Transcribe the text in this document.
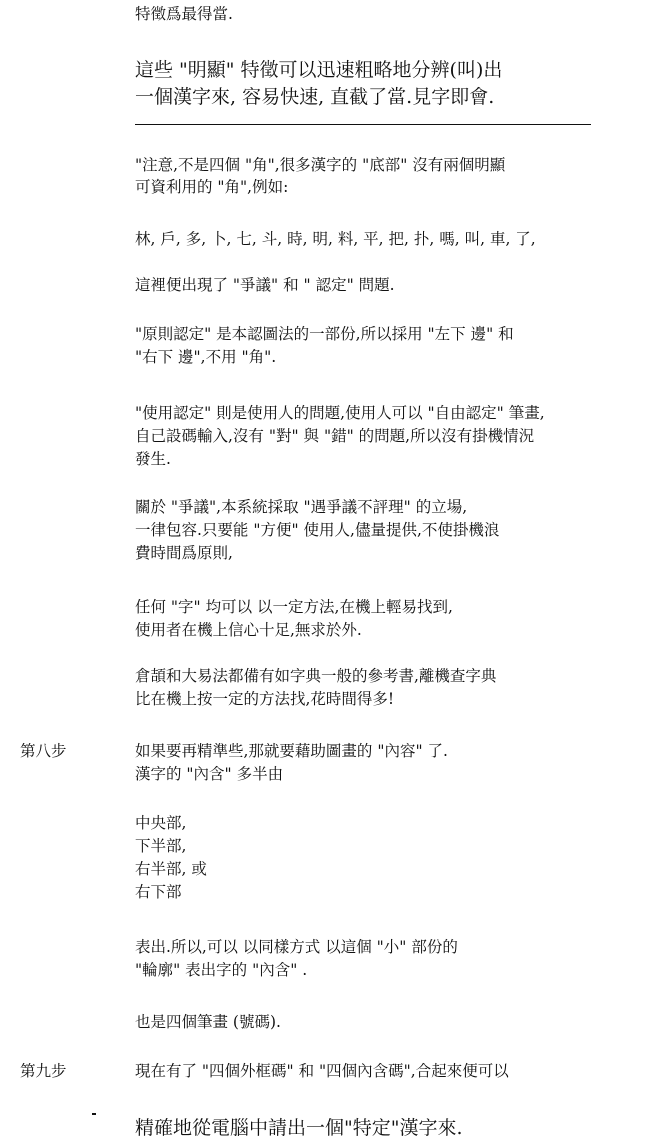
特徵爲最得當.

這些 "明顯" 特徵可以迅速粗略地分辨(叫)出

一個漢字來, 容易快速, 直截了當.見字即會.

"注意,不是四個 "角",很多漢字的 "底部" 沒有兩個明顯

可資利用的 "角",例如:

林, 戶, 多, 卜, 七, 斗, 時, 明, 料, 平, 把, 扑, 嗎, 叫, 車, 了,

這裡便出現了 "爭議" 和 " 認定" 問題.

"原則認定" 是本認圖法的一部份,所以採用 "左下 邊" 和

"右下 邊",不用 "角".

"使用認定" 則是使用人的問題,使用人可以 "自由認定" 筆畫,

自己設碼輸入,沒有 "對" 與 "錯" 的問題,所以沒有掛機情況

發生.

關於 "爭議",本系統採取 "遇爭議不評理" 的立場,

一律包容.只要能 "方便" 使用人,儘量提供,不使掛機浪

費時間爲原則,

任何 "字" 均可以 以一定方法,在機上輕易找到,

使用者在機上信心十足,無求於外.

倉頡和大易法都備有如字典一般的參考書,離機查字典

比在機上按一定的方法找,花時間得多!

第八步	如果要再精準些,那就要藉助圖畫的 "內容" 了.

漢字的 "內含" 多半由

中央部,

下半部,

右半部, 或

右下部

表出.所以,可以 以同樣方式 以這個 "小" 部份的

"輪廓" 表出字的 "內含" .

也是四個筆畫 (號碼).

第九步	現在有了 "四個外框碼" 和 "四個內含碼",合起來便可以

精確地從電腦中請出一個"特定"漢字來.
